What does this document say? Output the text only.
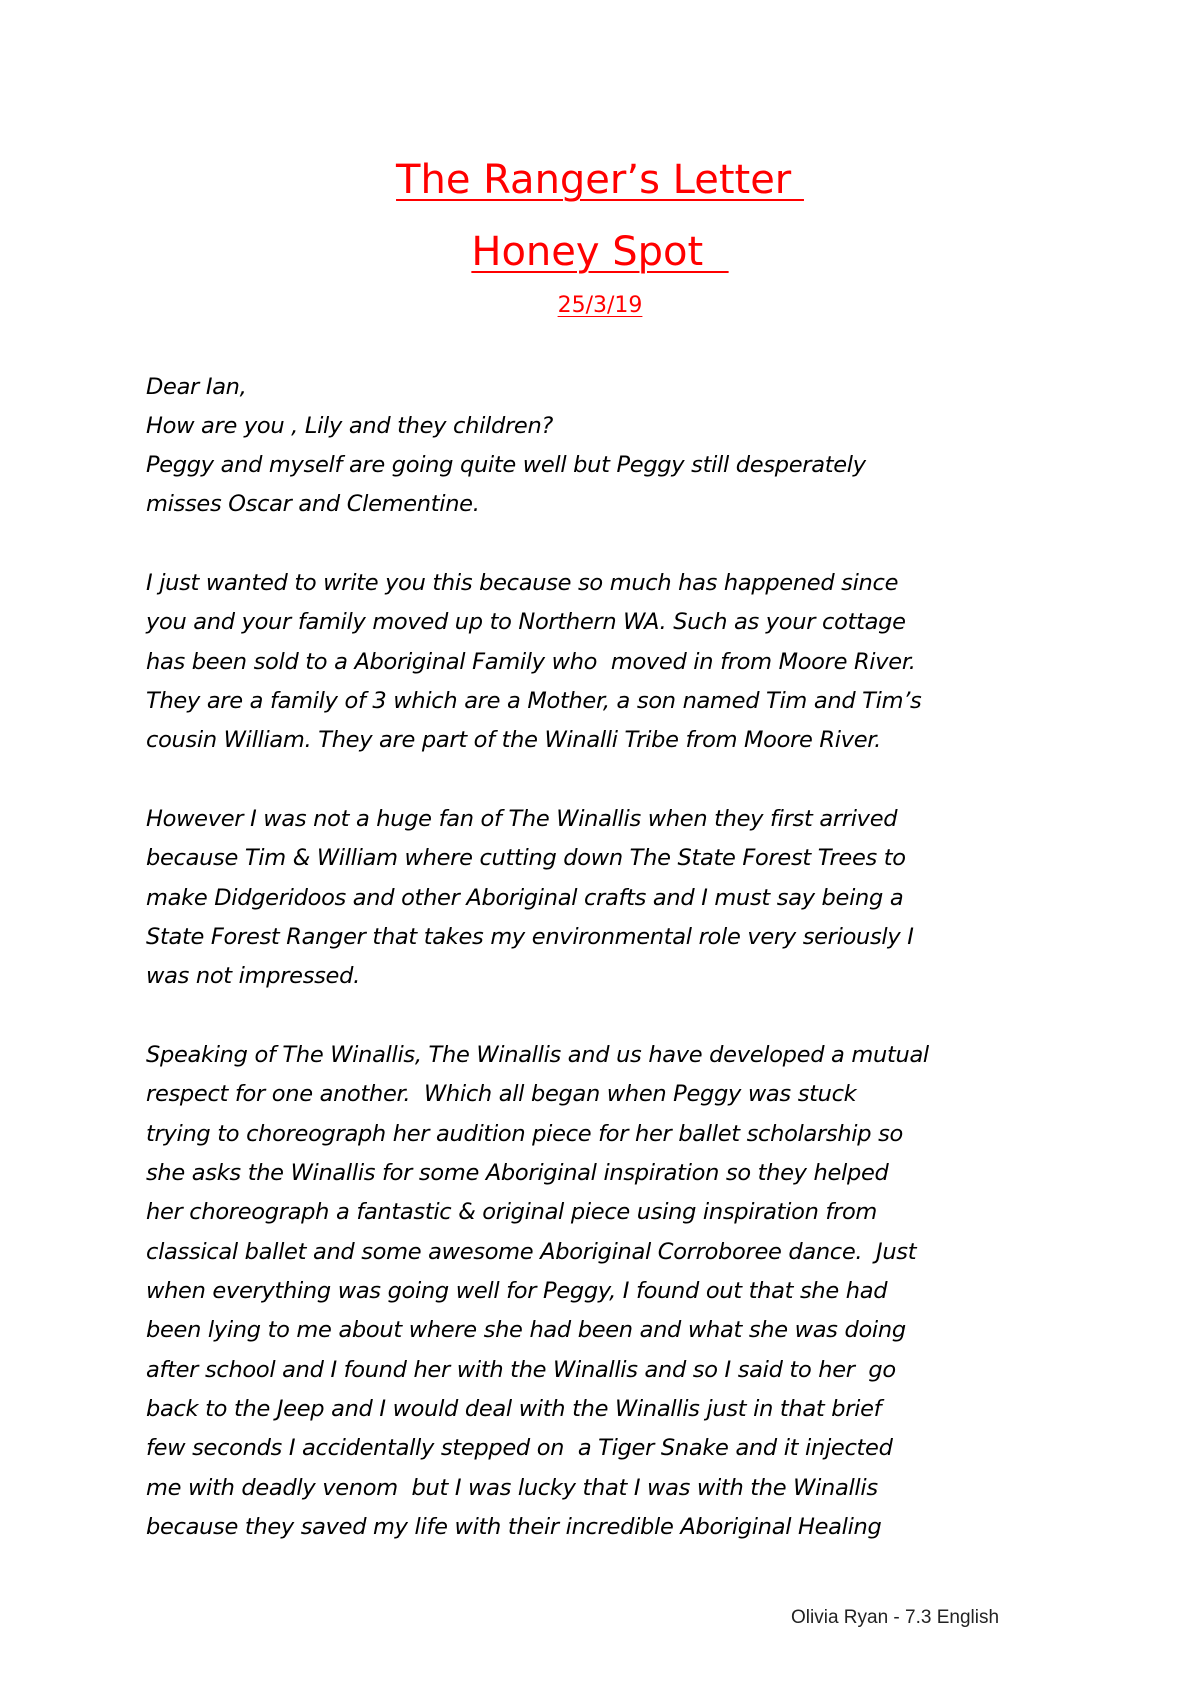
The Ranger’s Letter
Honey Spot
25/3/19
Dear Ian,
How are you , Lily and they children?
Peggy and myself are going quite well but Peggy still desperately
misses Oscar and Clementine.
I just wanted to write you this because so much has happened since
you and your family moved up to Northern WA. Such as your cottage
has been sold to a Aboriginal Family who  moved in from Moore River.
They are a family of 3 which are a Mother, a son named Tim and Tim’s
cousin William. They are part of the Winalli Tribe from Moore River.
However I was not a huge fan of The Winallis when they first arrived
because Tim & William where cutting down The State Forest Trees to
make Didgeridoos and other Aboriginal crafts and I must say being a
State Forest Ranger that takes my environmental role very seriously I
was not impressed.
Speaking of The Winallis, The Winallis and us have developed a mutual
respect for one another.  Which all began when Peggy was stuck
trying to choreograph her audition piece for her ballet scholarship so
she asks the Winallis for some Aboriginal inspiration so they helped
her choreograph a fantastic & original piece using inspiration from
classical ballet and some awesome Aboriginal Corroboree dance.  Just
when everything was going well for Peggy, I found out that she had
been lying to me about where she had been and what she was doing
after school and I found her with the Winallis and so I said to her  go
back to the Jeep and I would deal with the Winallis just in that brief
few seconds I accidentally stepped on  a Tiger Snake and it injected
me with deadly venom  but I was lucky that I was with the Winallis
because they saved my life with their incredible Aboriginal Healing
Olivia Ryan - 7.3 English
